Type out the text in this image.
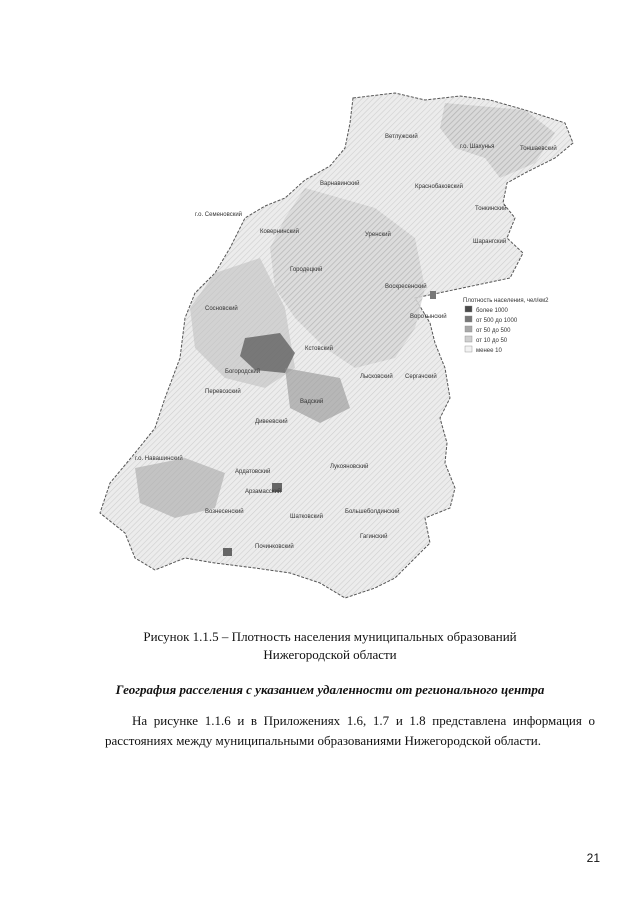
Ветлужский
г.о. Шахунья	Тоншаевский
Варнавинский	Краснобаковский
Тонкинский
Шарангский
Уренский
г.о. Семеновский
Ковернинский
Воскресенский
Городецкий
Сосновский
Лысковский Сергачский
Дивеевский
г.о. Навашинский
Лукояновский
Ардатовский
Шатковский
Гагинский
Вознесенский	Большеболдинский
Починковский
Воротынский
Арзамасский
Вадский
Перевозский
Кстовский
Богородский
Плотность населения, чел/км2
более 1000
от 500 до 1000
от 50 до 500
от 10 до 50
менее 10
Рисунок 1.1.5 – Плотность населения муниципальных образований
Нижегородской области
География расселения с указанием удаленности от регионального центра
На рисунке 1.1.6 и в Приложениях 1.6, 1.7 и 1.8 представлена информация о расстояниях между муниципальными образованиями Нижегородской области.
21
